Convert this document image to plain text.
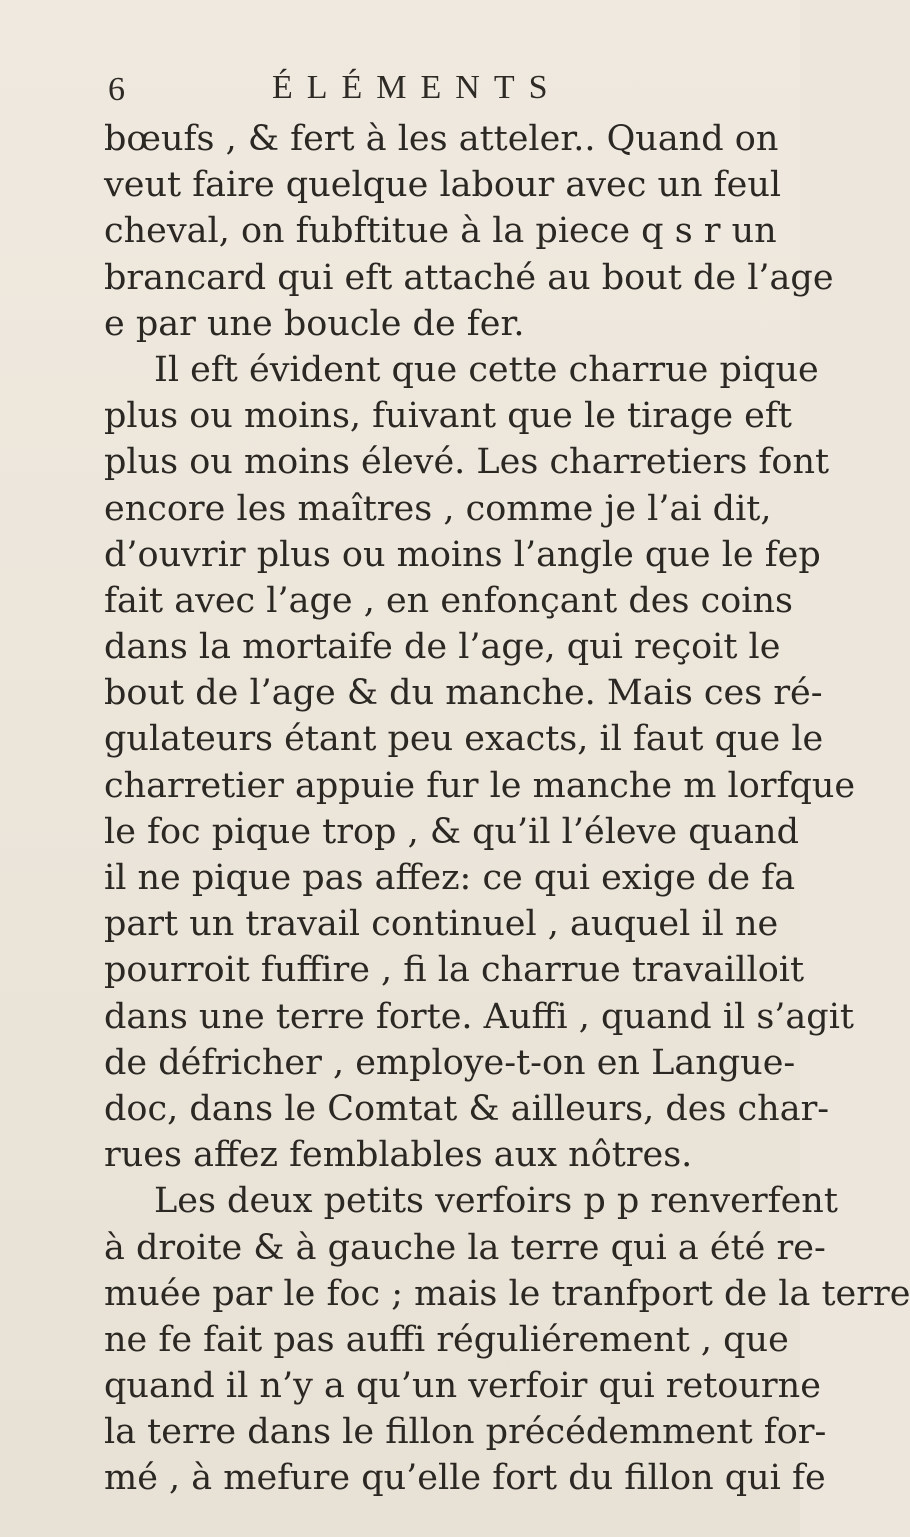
6	ÉLÉMENTS
bœufs , & fert à les atteler.. Quand on
veut faire quelque labour avec un feul
cheval, on fubftitue à la piece q s r un
brancard qui eft attaché au bout de l’age
e par une boucle de fer.
Il eft évident que cette charrue pique
plus ou moins, fuivant que le tirage eft
plus ou moins élevé. Les charretiers font
encore les maîtres , comme je l’ai dit,
d’ouvrir plus ou moins l’angle que le fep
fait avec l’age , en enfonçant des coins
dans la mortaife de l’age, qui reçoit le
bout de l’age & du manche. Mais ces ré-
gulateurs étant peu exacts, il faut que le
charretier appuie fur le manche m lorfque
le foc pique trop , & qu’il l’éleve quand
il ne pique pas affez: ce qui exige de fa
part un travail continuel , auquel il ne
pourroit fuffire , fi la charrue travailloit
dans une terre forte. Auffi , quand il s’agit
de défricher , employe-t-on en Langue-
doc, dans le Comtat & ailleurs, des char-
rues affez femblables aux nôtres.
Les deux petits verfoirs p p renverfent
à droite & à gauche la terre qui a été re-
muée par le foc ; mais le tranfport de la terre
ne fe fait pas auffi réguliérement , que
quand il n’y a qu’un verfoir qui retourne
la terre dans le fillon précédemment for-
mé , à mefure qu’elle fort du fillon qui fe
